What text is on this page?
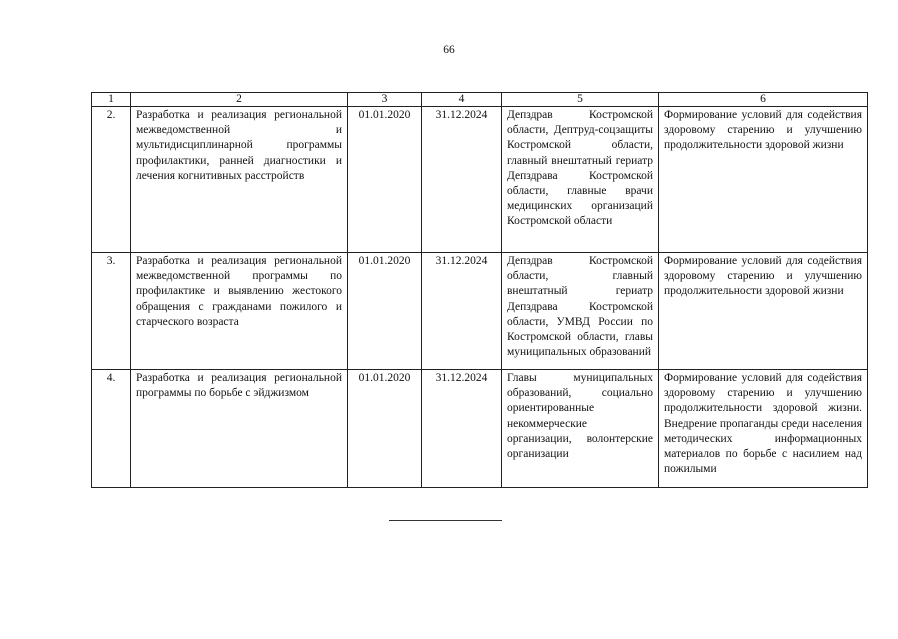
66
1	2	3	4	5	6
2.	Разработка и реализация региональной межведомственной и мультидисциплинарной программы профилактики, ранней диагностики и лечения когнитивных расстройств	01.01.2020	31.12.2024	Депздрав Костромской области, Дептруд-соцзащиты Костромской области, главный внештатный гериатр Депздрава Костромской области, главные врачи медицинских организаций Костромской области	Формирование условий для содействия здоровому старению и улучшению продолжительности здоровой жизни
3.	Разработка и реализация региональной межведомственной программы по профилактике и выявлению жестокого обращения с гражданами пожилого и старческого возраста	01.01.2020	31.12.2024	Депздрав Костромской области, главный внештатный гериатр Депздрава Костромской области, УМВД России по Костромской области, главы муниципальных образований	Формирование условий для содействия здоровому старению и улучшению продолжительности здоровой жизни
4.	Разработка и реализация региональной программы по борьбе с эйджизмом	01.01.2020	31.12.2024	Главы муниципальных образований, социально ориентированные некоммерческие организации, волонтерские организации	Формирование условий для содействия здоровому старению и улучшению продолжительности здоровой жизни. Внедрение пропаганды среди населения методических информационных материалов по борьбе с насилием над пожилыми
